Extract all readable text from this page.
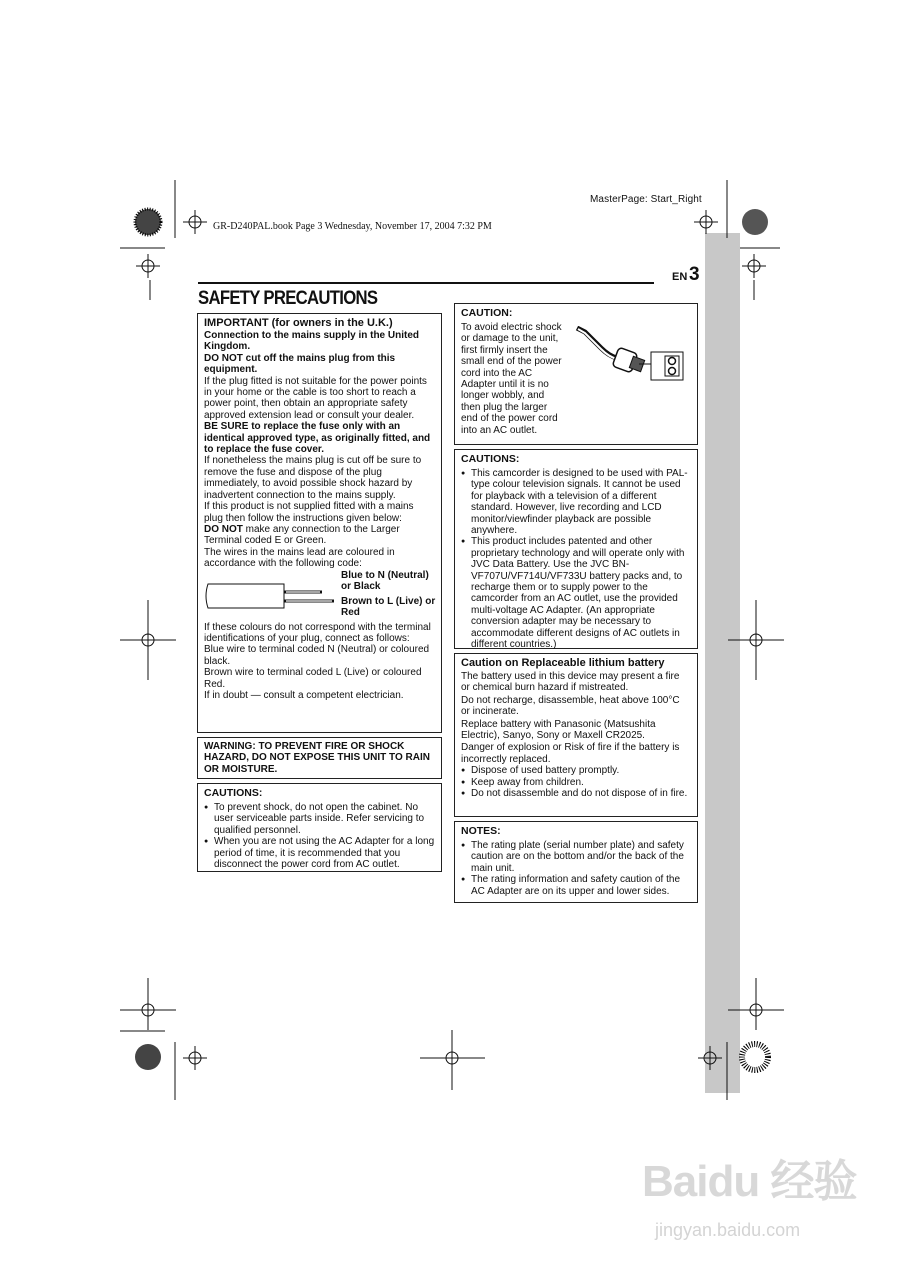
MasterPage: Start_Right
GR-D240PAL.book Page 3 Wednesday, November 17, 2004 7:32 PM
EN 3
SAFETY PRECAUTIONS
IMPORTANT (for owners in the U.K.)

Connection to the mains supply in the United Kingdom.

DO NOT cut off the mains plug from this equipment.

If the plug fitted is not suitable for the power points in your home or the cable is too short to reach a power point, then obtain an appropriate safety approved extension lead or consult your dealer.

BE SURE to replace the fuse only with an identical approved type, as originally fitted, and to replace the fuse cover.

If nonetheless the mains plug is cut off be sure to remove the fuse and dispose of the plug immediately, to avoid possible shock hazard by inadvertent connection to the mains supply.

If this product is not supplied fitted with a mains plug then follow the instructions given below:

DO NOT make any connection to the Larger Terminal coded E or Green.

The wires in the mains lead are coloured in accordance with the following code:

Blue to N (Neutral) or Black

Brown to L (Live) or Red

If these colours do not correspond with the terminal identifications of your plug, connect as follows:

Blue wire to terminal coded N (Neutral) or coloured black.

Brown wire to terminal coded L (Live) or coloured Red.

If in doubt — consult a competent electrician.

WARNING: TO PREVENT FIRE OR SHOCK HAZARD, DO NOT EXPOSE THIS UNIT TO RAIN OR MOISTURE.

CAUTIONS:
● To prevent shock, do not open the cabinet. No user serviceable parts inside. Refer servicing to qualified personnel.
● When you are not using the AC Adapter for a long period of time, it is recommended that you disconnect the power cord from AC outlet.
CAUTION:

To avoid electric shock or damage to the unit, first firmly insert the small end of the power cord into the AC Adapter until it is no longer wobbly, and then plug the larger end of the power cord into an AC outlet.

CAUTIONS:
● This camcorder is designed to be used with PAL-type colour television signals. It cannot be used for playback with a television of a different standard. However, live recording and LCD monitor/viewfinder playback are possible anywhere.
● This product includes patented and other proprietary technology and will operate only with JVC Data Battery. Use the JVC BN-VF707U/VF714U/VF733U battery packs and, to recharge them or to supply power to the camcorder from an AC outlet, use the provided multi-voltage AC Adapter. (An appropriate conversion adapter may be necessary to accommodate different designs of AC outlets in different countries.)
Caution on Replaceable lithium battery

The battery used in this device may present a fire or chemical burn hazard if mistreated.

Do not recharge, disassemble, heat above 100°C or incinerate.

Replace battery with Panasonic (Matsushita Electric), Sanyo, Sony or Maxell CR2025.

Danger of explosion or Risk of fire if the battery is incorrectly replaced.

● Dispose of used battery promptly.
● Keep away from children.
● Do not disassemble and do not dispose of in fire.
NOTES:
● The rating plate (serial number plate) and safety caution are on the bottom and/or the back of the main unit.
● The rating information and safety caution of the AC Adapter are on its upper and lower sides.
Baidu 经验
jingyan.baidu.com
